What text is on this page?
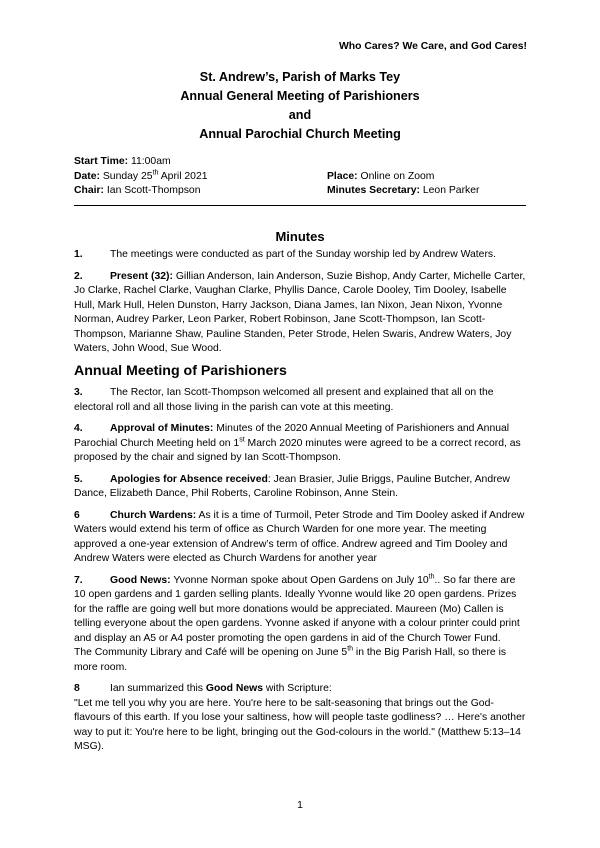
Who Cares? We Care, and God Cares!
St. Andrew’s, Parish of Marks Tey
Annual General Meeting of Parishioners
and
Annual Parochial Church Meeting
Start Time: 11:00am
Date: Sunday 25th April 2021	Place: Online on Zoom
Chair: Ian Scott-Thompson	Minutes Secretary: Leon Parker
Minutes
1.	The meetings were conducted as part of the Sunday worship led by Andrew Waters.
2.	Present (32): Gillian Anderson, Iain Anderson, Suzie Bishop, Andy Carter, Michelle Carter, Jo Clarke, Rachel Clarke, Vaughan Clarke, Phyllis Dance, Carole Dooley, Tim Dooley, Isabelle Hull, Mark Hull, Helen Dunston, Harry Jackson, Diana James, Ian Nixon, Jean Nixon, Yvonne Norman, Audrey Parker, Leon Parker, Robert Robinson, Jane Scott-Thompson, Ian Scott-Thompson, Marianne Shaw, Pauline Standen, Peter Strode, Helen Swaris, Andrew Waters, Joy Waters, John Wood, Sue Wood.
Annual Meeting of Parishioners
3.	The Rector, Ian Scott-Thompson welcomed all present and explained that all on the electoral roll and all those living in the parish can vote at this meeting.
4.	Approval of Minutes: Minutes of the 2020 Annual Meeting of Parishioners and Annual Parochial Church Meeting held on 1st March 2020 minutes were agreed to be a correct record, as proposed by the chair and signed by Ian Scott-Thompson.
5.	Apologies for Absence received: Jean Brasier, Julie Briggs, Pauline Butcher, Andrew Dance, Elizabeth Dance, Phil Roberts, Caroline Robinson, Anne Stein.
6	Church Wardens: As it is a time of Turmoil, Peter Strode and Tim Dooley asked if Andrew Waters would extend his term of office as Church Warden for one more year. The meeting approved a one-year extension of Andrew’s term of office. Andrew agreed and Tim Dooley and Andrew Waters were elected as Church Wardens for another year
7.	Good News: Yvonne Norman spoke about Open Gardens on July 10th.. So far there are 10 open gardens and 1 garden selling plants. Ideally Yvonne would like 20 open gardens. Prizes for the raffle are going well but more donations would be appreciated. Maureen (Mo) Callen is telling everyone about the open gardens. Yvonne asked if anyone with a colour printer could print and display an A5 or A4 poster promoting the open gardens in aid of the Church Tower Fund.
The Community Library and Café will be opening on June 5th in the Big Parish Hall, so there is more room.
8	Ian summarized this Good News with Scripture:
"Let me tell you why you are here. You're here to be salt-seasoning that brings out the God-flavours of this earth. If you lose your saltiness, how will people taste godliness? … Here's another way to put it: You're here to be light, bringing out the God-colours in the world." (Matthew 5:13–14 MSG).
1
